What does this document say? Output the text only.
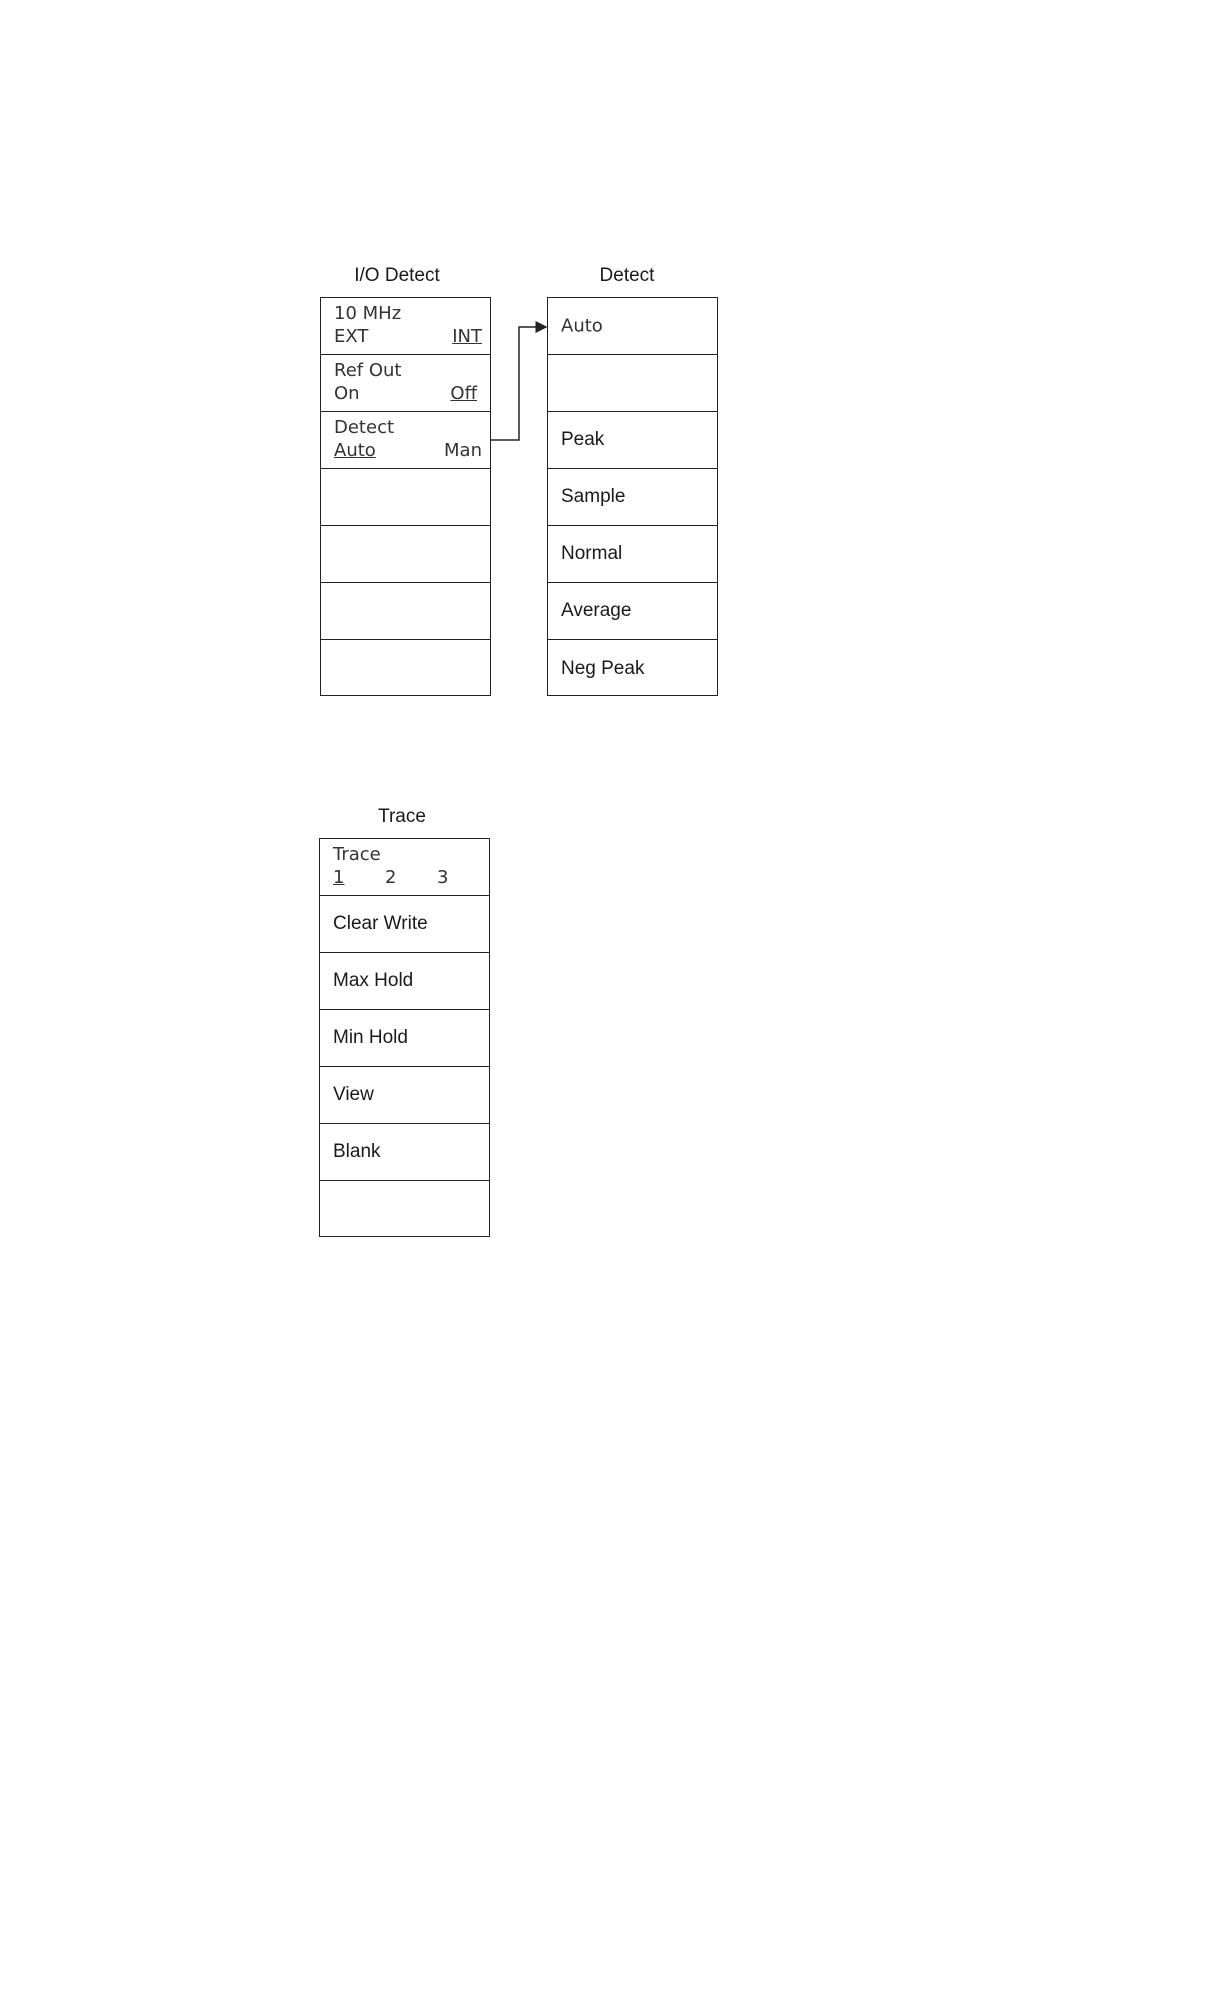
I/O Detect
10 MHz
EXT	INT
Ref Out
On	Off
Detect
Auto	Man
Detect
Auto
Peak
Sample
Normal
Average
Neg Peak
Trace
Trace
1 2 3
Clear Write
Max Hold
Min Hold
View
Blank
